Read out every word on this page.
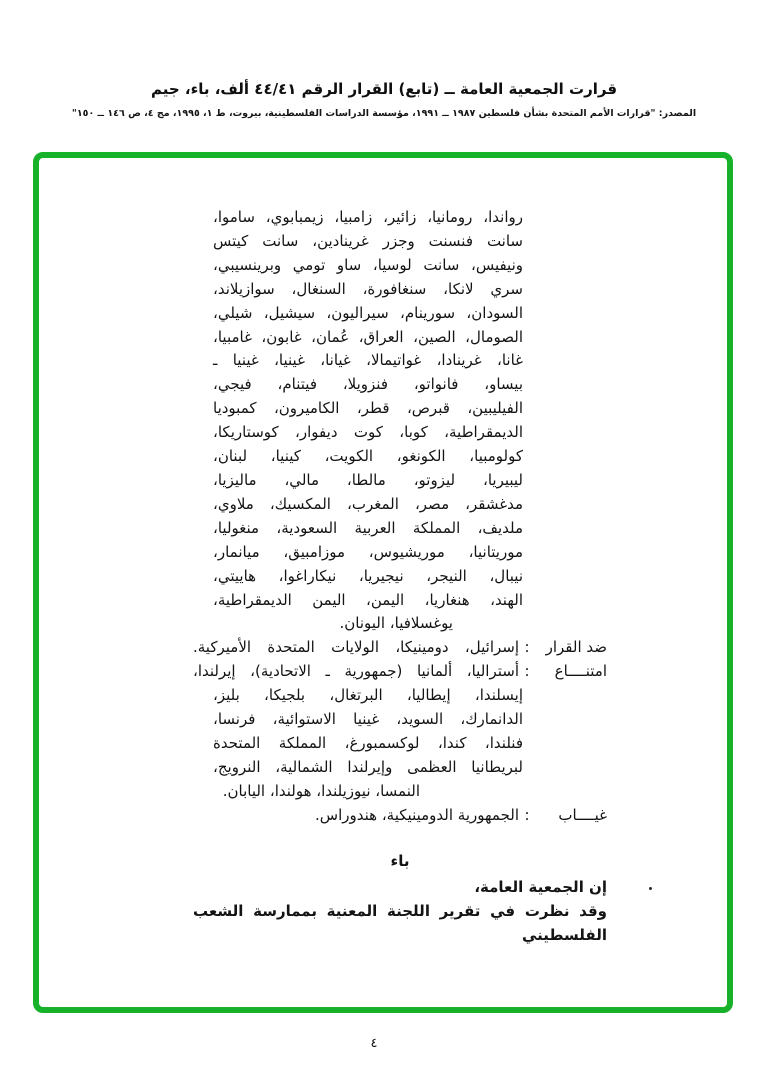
قرارت الجمعية العامة ــ (تابع) القرار الرقم ٤٤/٤١ ألف، باء، جيم
المصدر: "قرارات الأمم المتحدة بشأن فلسطين ١٩٨٧ ــ ١٩٩١، مؤسسة الدراسات الفلسطينية، بيروت، ط ١، ١٩٩٥، مج ٤، ص ١٤٦ ــ ١٥٠"
رواندا، رومانيا، زائير، زامبيا، زيمبابوي، ساموا،
سانت فنسنت وجزر غرينادين، سانت كيتس
ونيفيس، سانت لوسيا، ساو تومي وبرينسيبي،
سري لانكا، سنغافورة، السنغال، سوازيلاند،
السودان، سورينام، سيراليون، سيشيل، شيلي،
الصومال، الصين، العراق، عُمان، غابون، غامبيا،
غانا، غرينادا، غواتيمالا، غيانا، غينيا، غينيا ـ
بيساو، فانواتو، فنزويلا، فيتنام، فيجي،
الفيليبين، قبرص، قطر، الكاميرون، كمبوديا
الديمقراطية، كوبا، كوت ديفوار، كوستاريكا،
كولومبيا، الكونغو، الكويت، كينيا، لبنان،
ليبيريا، ليزوتو، مالطا، مالي، ماليزيا،
مدغشقر، مصر، المغرب، المكسيك، ملاوي،
ملديف، المملكة العربية السعودية، منغوليا،
موريتانيا، موريشيوس، موزامبيق، ميانمار،
نيبال، النيجر، نيجيريا، نيكاراغوا، هاييتي،
الهند، هنغاريا، اليمن، اليمن الديمقراطية،
يوغسلافيا، اليونان.
ضد القرار
:
إسرائيل، دومينيكا، الولايات المتحدة الأميركية.
امتنــــاع
:
أستراليا، ألمانيا (جمهورية ـ الاتحادية)، إيرلندا،
إيسلندا، إيطاليا، البرتغال، بلجيكا، بليز،
الدانمارك، السويد، غينيا الاستوائية، فرنسا،
فنلندا، كندا، لوكسمبورغ، المملكة المتحدة
لبريطانيا العظمى وإيرلندا الشمالية، النرويج،
النمسا، نيوزيلندا، هولندا، اليابان.
غيــــاب
:
الجمهورية الدومينيكية، هندوراس.
باء
إن الجمعية العامة،
وقد نظرت في تقرير اللجنة المعنية بممارسة الشعب الفلسطيني
٤
